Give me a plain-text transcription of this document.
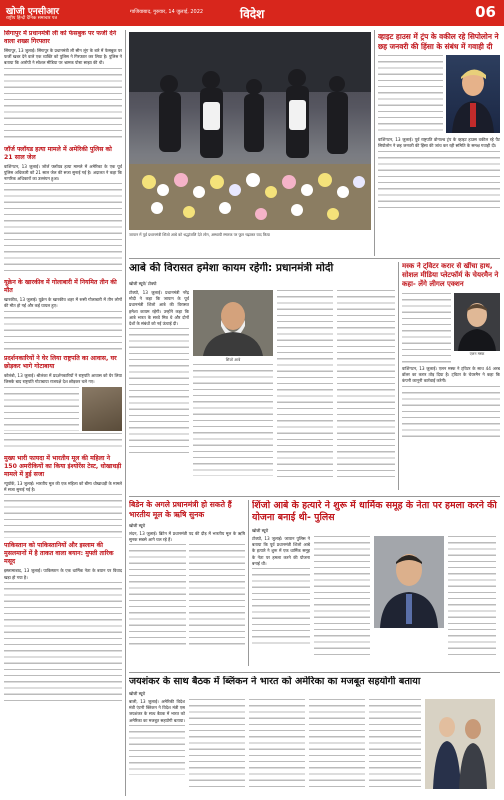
खोजी एनसीआर
राष्ट्रीय हिन्दी दैनिक समाचार पत्र
गाजियाबाद, गुरुवार, 14 जुलाई, 2022	विदेश	06
सिंगापुर में प्रधानमंत्री ली को फेसबुक पर फर्जी देने वाला शख्स गिरफ्तार
सिंगापुर, 13 जुलाई। सिंगापुर के प्रधानमंत्री ली सीन लूंग के बारे में फेसबुक पर फर्जी खबर देने वाले एक व्यक्ति को पुलिस ने गिरफ्तार कर लिया है। पुलिस ने बताया कि आरोपी ने सोशल मीडिया पर भ्रामक पोस्ट साझा की थी।
जॉर्ज फ्लॉयड हत्या मामले में अमेरिकी पुलिस को 21 साल जेल
वाशिंगटन, 13 जुलाई। जॉर्ज फ्लॉयड हत्या मामले में अमेरिका के एक पूर्व पुलिस अधिकारी को 21 साल जेल की सजा सुनाई गई है। अदालत ने कहा कि नागरिक अधिकारों का उल्लंघन हुआ।
यूक्रेन के खारकीव में गोलाबारी में नियमित तीन की मौत
खारकीव, 13 जुलाई। यूक्रेन के खारकीव शहर में रूसी गोलाबारी में तीन लोगों की मौत हो गई और कई घायल हुए।
प्रदर्शनकारियों ने घेर लिया राष्ट्रपति का आवास, घर छोड़कर भागे गोटाबाया
कोलंबो, 13 जुलाई। श्रीलंका में प्रदर्शनकारियों ने राष्ट्रपति आवास को घेर लिया जिसके बाद राष्ट्रपति गोटाबाया राजपक्षे देश छोड़कर चले गए।
मुख्य भारी फायदा में भारतीय मूल की महिला ने 150 अमरीकियों का किया इंश्योरेंस टेस्ट, धोखाधड़ी मामले में हुई सजा
न्यूयॉर्क, 13 जुलाई। भारतीय मूल की एक महिला को बीमा धोखाधड़ी के मामले में सजा सुनाई गई है।
पाकिस्तान को पाकिस्तानियों और इस्लाम की मुसलमानों में है ताकत वाला बयान: मुफ्ती तारिक मसूद
इस्लामाबाद, 13 जुलाई। पाकिस्तान के एक धार्मिक नेता के बयान पर विवाद खड़ा हो गया है।
जापान में पूर्व प्रधानमंत्री शिंजो आबे को श्रद्धांजलि देते लोग, अस्थायी स्मारक पर फूल चढ़ाकर याद किया
व्हाइट हाउस में ट्रंप के वकील रहे सिपोलोन ने छह जनवरी की हिंसा के संबंध में गवाही दी
वाशिंगटन, 13 जुलाई। पूर्व राष्ट्रपति डोनाल्ड ट्रंप के व्हाइट हाउस वकील रहे पैट सिपोलोन ने छह जनवरी की हिंसा की जांच कर रही समिति के समक्ष गवाही दी।
आबे की विरासत हमेशा कायम रहेगी: प्रधानमंत्री मोदी
खोजी ब्यूरो/ टोक्यो
टोक्यो, 13 जुलाई। प्रधानमंत्री नरेंद्र मोदी ने कहा कि जापान के पूर्व प्रधानमंत्री शिंजो आबे की विरासत हमेशा कायम रहेगी। उन्होंने कहा कि आबे भारत के सच्चे मित्र थे और दोनों देशों के संबंधों को नई ऊंचाई दी।
शिंजो आबे
मस्क ने ट्विटर करार से खींचा हाथ, सोशल मीडिया प्लेटफॉर्म के चेयरमैन ने कहा- लेंगे लीगल एक्शन
एलन मस्क
वाशिंगटन, 13 जुलाई। एलन मस्क ने ट्विटर के साथ 44 अरब डॉलर का करार तोड़ दिया है। ट्विटर के चेयरमैन ने कहा कि कंपनी कानूनी कार्रवाई करेगी।
बिडेन के अगले प्रधानमंत्री हो सकते हैं भारतीय मूल के ऋषि सुनक
खोजी ब्यूरो
लंदन, 13 जुलाई। ब्रिटेन में प्रधानमंत्री पद की दौड़ में भारतीय मूल के ऋषि सुनक सबसे आगे चल रहे हैं।
शिंजो आबे के हत्यारे ने शुरू में धार्मिक समूह के नेता पर हमला करने की योजना बनाई थी- पुलिस
खोजी ब्यूरो
टोक्यो, 13 जुलाई। जापान पुलिस ने बताया कि पूर्व प्रधानमंत्री शिंजो आबे के हत्यारे ने शुरू में एक धार्मिक समूह के नेता पर हमला करने की योजना बनाई थी।
जयशंकर के साथ बैठक में ब्लिंकन ने भारत को अमेरिका का मजबूत सहयोगी बताया
खोजी ब्यूरो
बाली, 13 जुलाई। अमेरिकी विदेश मंत्री एंटनी ब्लिंकन ने विदेश मंत्री एस जयशंकर के साथ बैठक में भारत को अमेरिका का मजबूत सहयोगी बताया।
